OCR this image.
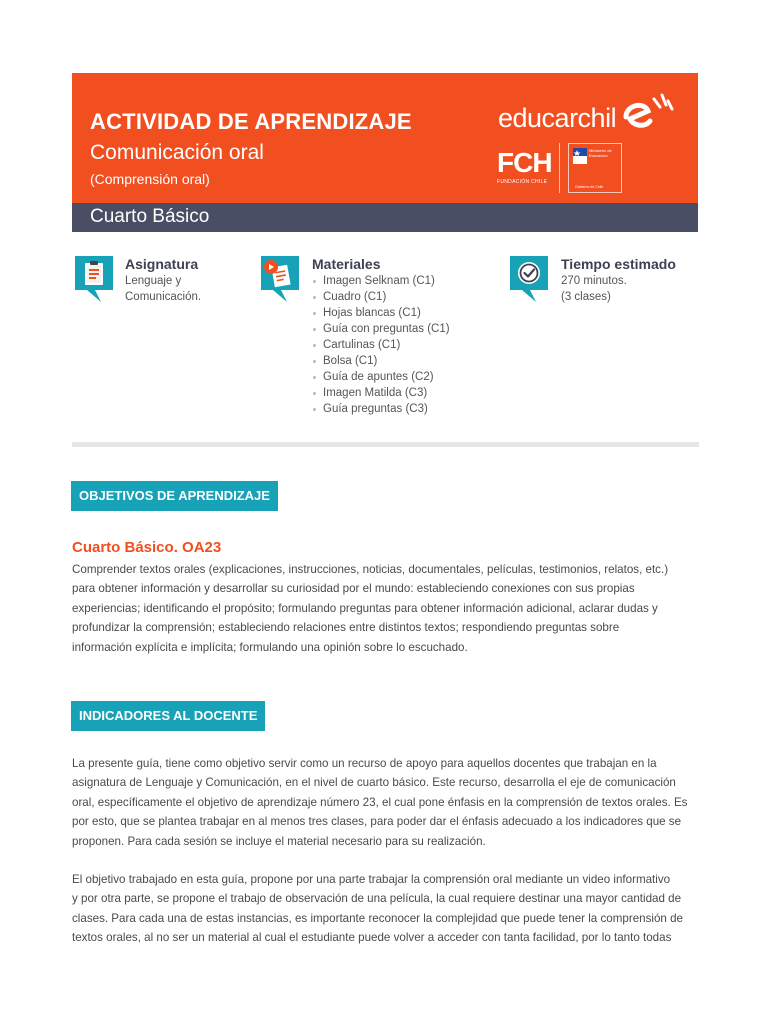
ACTIVIDAD DE APRENDIZAJE
Comunicación oral
(Comprensión oral)
educarchil
FCH
FUNDACIÓN CHILE
Ministerio de Educación
Gobierno de Chile
Cuarto Básico
Asignatura
Lenguaje y
Comunicación.
Materiales
Imagen Selknam (C1)
Cuadro (C1)
Hojas blancas (C1)
Guía con preguntas (C1)
Cartulinas (C1)
Bolsa (C1)
Guía de apuntes (C2)
Imagen Matilda (C3)
Guía preguntas (C3)
Tiempo estimado
270 minutos.
(3 clases)
OBJETIVOS DE APRENDIZAJE
Cuarto Básico. OA23
Comprender textos orales (explicaciones, instrucciones, noticias, documentales, películas, testimonios, relatos, etc.)
para obtener información y desarrollar su curiosidad por el mundo: estableciendo conexiones con sus propias
experiencias; identificando el propósito; formulando preguntas para obtener información adicional, aclarar dudas y
profundizar la comprensión; estableciendo relaciones entre distintos textos; respondiendo preguntas sobre
información explícita e implícita; formulando una opinión sobre lo escuchado.
INDICADORES AL DOCENTE
La presente guía, tiene como objetivo servir como un recurso de apoyo para aquellos docentes que trabajan en la
asignatura de Lenguaje y Comunicación, en el nivel de cuarto básico. Este recurso, desarrolla el eje de comunicación
oral, específicamente el objetivo de aprendizaje número 23, el cual pone énfasis en la comprensión de textos orales. Es
por esto, que se plantea trabajar en al menos tres clases, para poder dar el énfasis adecuado a los indicadores que se
proponen. Para cada sesión se incluye el material necesario para su realización.
El objetivo trabajado en esta guía, propone por una parte trabajar la comprensión oral mediante un video informativo
y por otra parte, se propone el trabajo de observación de una película, la cual requiere destinar una mayor cantidad de
clases. Para cada una de estas instancias, es importante reconocer la complejidad que puede tener la comprensión de
textos orales, al no ser un material al cual el estudiante puede volver a acceder con tanta facilidad, por lo tanto todas
